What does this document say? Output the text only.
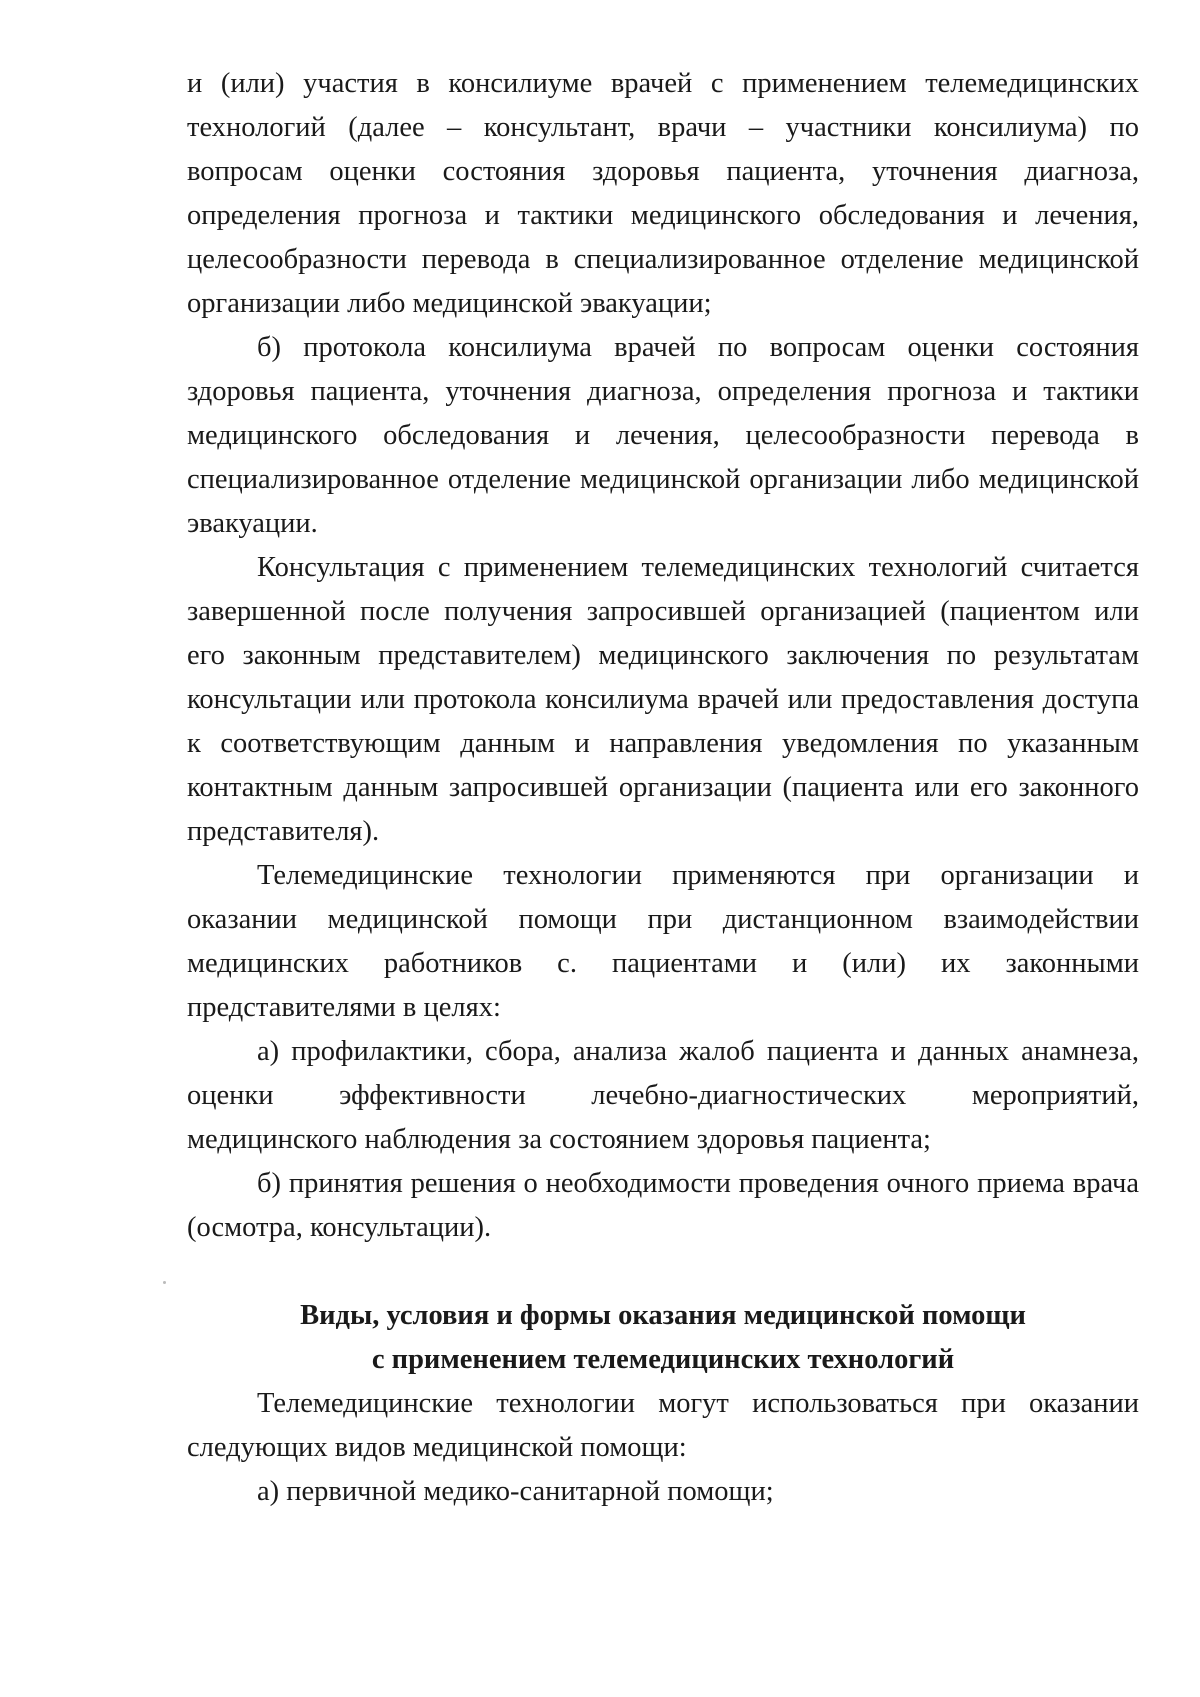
и (или) участия в консилиуме врачей с применением телемедицинских технологий (далее – консультант, врачи – участники консилиума) по вопросам оценки состояния здоровья пациента, уточнения диагноза, определения прогноза и тактики медицинского обследования и лечения, целесообразности перевода в специализированное отделение медицинской организации либо медицинской эвакуации;

б) протокола консилиума врачей по вопросам оценки состояния здоровья пациента, уточнения диагноза, определения прогноза и тактики медицинского обследования и лечения, целесообразности перевода в специализированное отделение медицинской организации либо медицинской эвакуации.

Консультация с применением телемедицинских технологий считается завершенной после получения запросившей организацией (пациентом или его законным представителем) медицинского заключения по результатам консультации или протокола консилиума врачей или предоставления доступа к соответствующим данным и направления уведомления по указанным контактным данным запросившей организации (пациента или его законного представителя).

Телемедицинские технологии применяются при организации и оказании медицинской помощи при дистанционном взаимодействии медицинских работников с. пациентами и (или) их законными представителями в целях:

а) профилактики, сбора, анализа жалоб пациента и данных анамнеза, оценки эффективности лечебно-диагностических мероприятий, медицинского наблюдения за состоянием здоровья пациента;

б) принятия решения о необходимости проведения очного приема врача (осмотра, консультации).

Виды, условия и формы оказания медицинской помощи
с применением телемедицинских технологий

Телемедицинские технологии могут использоваться при оказании следующих видов медицинской помощи:

а) первичной медико-санитарной помощи;
